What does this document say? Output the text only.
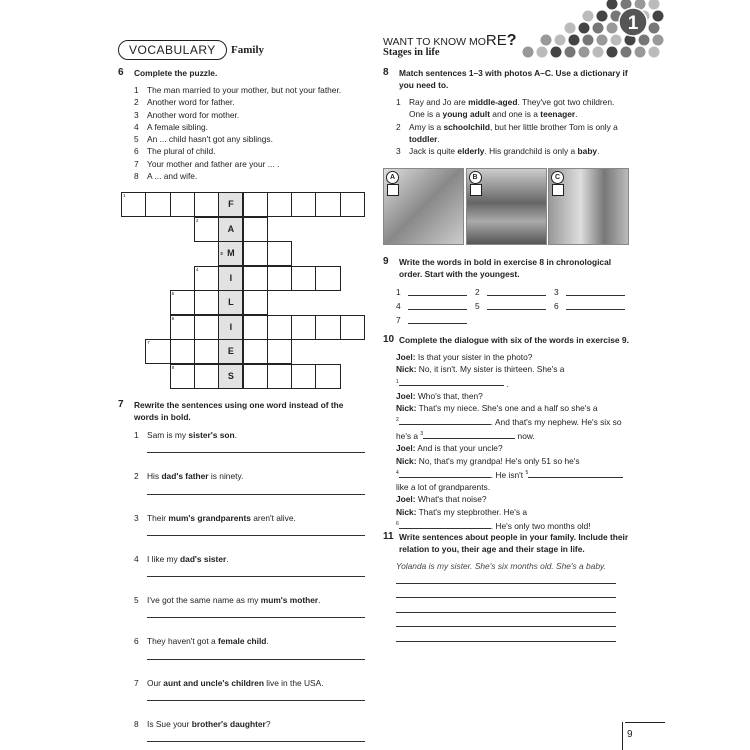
1
VOCABULARY	Family
WANT TO KNOW MORE?
Stages in life
6 Complete the puzzle.
1 The man married to your mother, but not your father.
2 Another word for father.
3 Another word for mother.
4 A female sibling.
5 An ... child hasn't got any siblings.
6 The plural of child.
7 Your mother and father are your ... .
8 A ... and wife.
1
F
2
A
M
3
4
I
5
L
6
I
7
E
8
S
7 Rewrite the sentences using one word instead of the words in bold.
1 Sam is my sister's son.
2 His dad's father is ninety.
3 Their mum's grandparents aren't alive.
4 I like my dad's sister.
5 I've got the same name as my mum's mother.
6 They haven't got a female child.
7 Our aunt and uncle's children live in the USA.
8 Is Sue your brother's daughter?
8 Match sentences 1–3 with photos A–C. Use a dictionary if you need to.
1 Ray and Jo are middle-aged. They've got two children. One is a young adult and one is a teenager.
2 Amy is a schoolchild, but her little brother Tom is only a toddler.
3 Jack is quite elderly. His grandchild is only a baby.
A	B	C
9 Write the words in bold in exercise 8 in chronological order. Start with the youngest.
1	2	3
4	5	6
7
10 Complete the dialogue with six of the words in exercise 9.
Joel: Is that your sister in the photo?
Nick: No, it isn't. My sister is thirteen. She's a
$^1$	.
Joel: Who's that, then?
Nick: That's my niece. She's one and a half so she's a
$^2$	. And that's my nephew. He's six so
he's a $^3$	now.
Joel: And is that your uncle?
Nick: No, that's my grandpa! He's only 51 so he's
$^4$	. He isn't $^5$
like a lot of grandparents.
Joel: What's that noise?
Nick: That's my stepbrother. He's a
$^6$	. He's only two months old!
11 Write sentences about people in your family. Include their relation to you, their age and their stage in life.
Yolanda is my sister. She's six months old. She's a baby.
9
